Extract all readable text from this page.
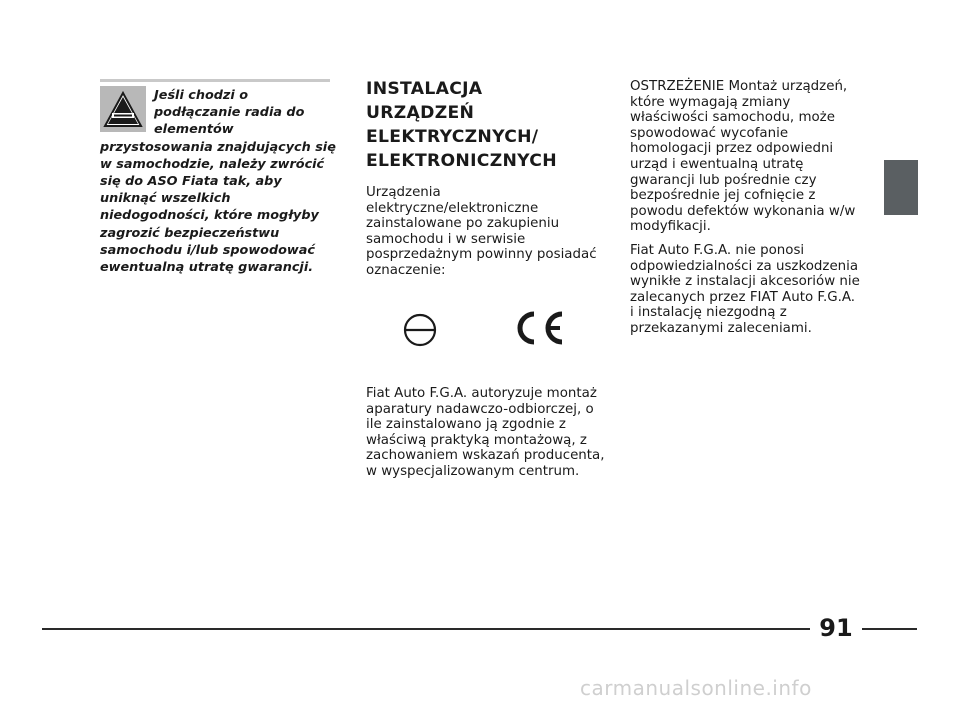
Jeśli chodzi o podłączanie radia do elementów przystosowania znajdujących się w samochodzie, należy zwrócić się do ASO Fiata tak, aby uniknąć wszelkich niedogodności, które mogłyby zagrozić bezpieczeństwu samochodu i/lub spowodować ewentualną utratę gwarancji.
INSTALACJA
URZĄDZEŃ
ELEKTRYCZNYCH/
ELEKTRONICZNYCH

Urządzenia elektryczne/elektroniczne zainstalowane po zakupieniu samochodu i w serwisie posprzedażnym powinny posiadać oznaczenie:

Fiat Auto F.G.A. autoryzuje montaż aparatury nadawczo-odbiorczej, o ile zainstalowano ją zgodnie z właściwą praktyką montażową, z zachowaniem wskazań producenta, w wyspecjalizowanym centrum.

OSTRZEŻENIE Montaż urządzeń, które wymagają zmiany właściwości samochodu, może spowodować wycofanie homologacji przez odpowiedni urząd i ewentualną utratę gwarancji lub pośrednie czy bezpośrednie jej cofnięcie z powodu defektów wykonania w/w modyfikacji.

Fiat Auto F.G.A. nie ponosi odpowiedzialności za uszkodzenia wynikłe z instalacji akcesoriów nie zalecanych przez FIAT Auto F.G.A. i instalację niezgodną z przekazanymi zaleceniami.

91
carmanualsonline.info
